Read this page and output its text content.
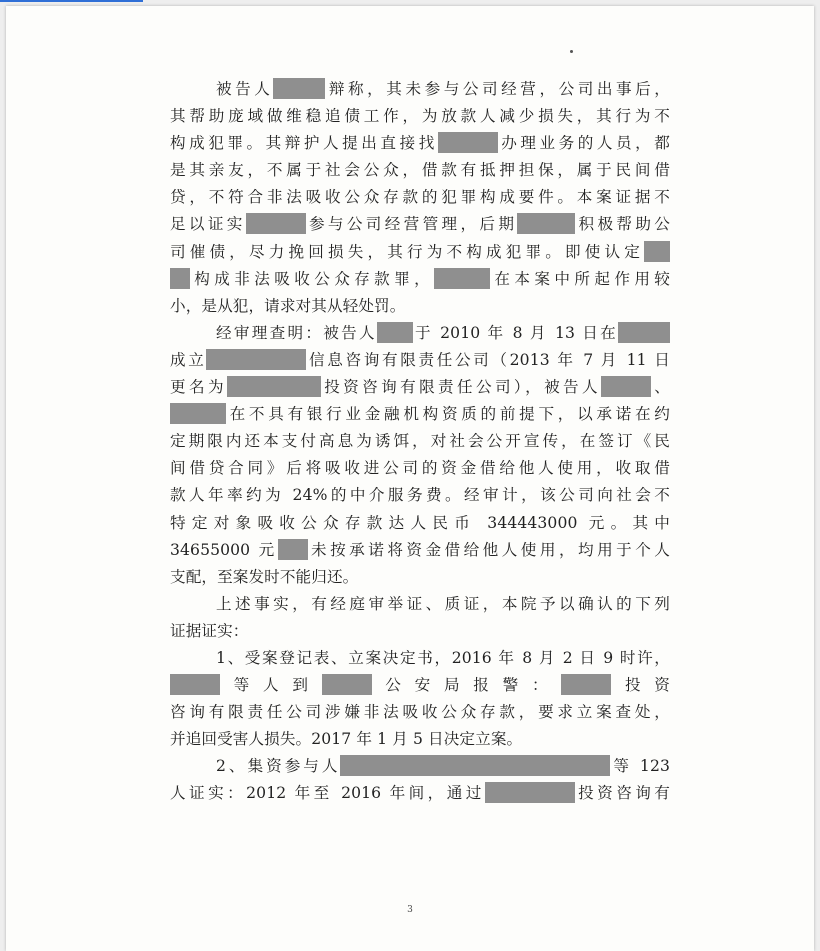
被告人	辩称，其未参与公司经营，公司出事后，
其帮助庞域做维稳追债工作，为放款人减少损失，其行为不
构成犯罪。其辩护人提出直接找	办理业务的人员，都
是其亲友，不属于社会公众，借款有抵押担保，属于民间借
贷，不符合非法吸收公众存款的犯罪构成要件。本案证据不
足以证实	参与公司经营管理，后期	积极帮助公
司催债，尽力挽回损失，其行为不构成犯罪。即使认定
构成非法吸收公众存款罪，	在本案中所起作用较
小，是从犯，请求对其从轻处罚。
经审理查明：被告人 于 2010 年 8 月 13 日在
成立	信息咨询有限责任公司（2013 年 7 月 11 日
更名为	投资咨询有限责任公司），被告人	、
在不具有银行业金融机构资质的前提下，以承诺在约
定期限内还本支付高息为诱饵，对社会公开宣传，在签订《民
间借贷合同》后将吸收进公司的资金借给他人使用，收取借
款人年率约为 24%的中介服务费。经审计，该公司向社会不
特定对象吸收公众存款达人民币 344443000 元。其中
34655000 元 未按承诺将资金借给他人使用，均用于个人
支配，至案发时不能归还。
上述事实，有经庭审举证、质证，本院予以确认的下列
证据证实：
1、受案登记表、立案决定书，2016 年 8 月 2 日 9 时许，
等人到	公安局报警：	投资
咨询有限责任公司涉嫌非法吸收公众存款，要求立案查处，
并追回受害人损失。2017 年 1 月 5 日决定立案。
2、集资参与人	等 123
人证实：2012 年至 2016 年间，通过	投资咨询有
3
